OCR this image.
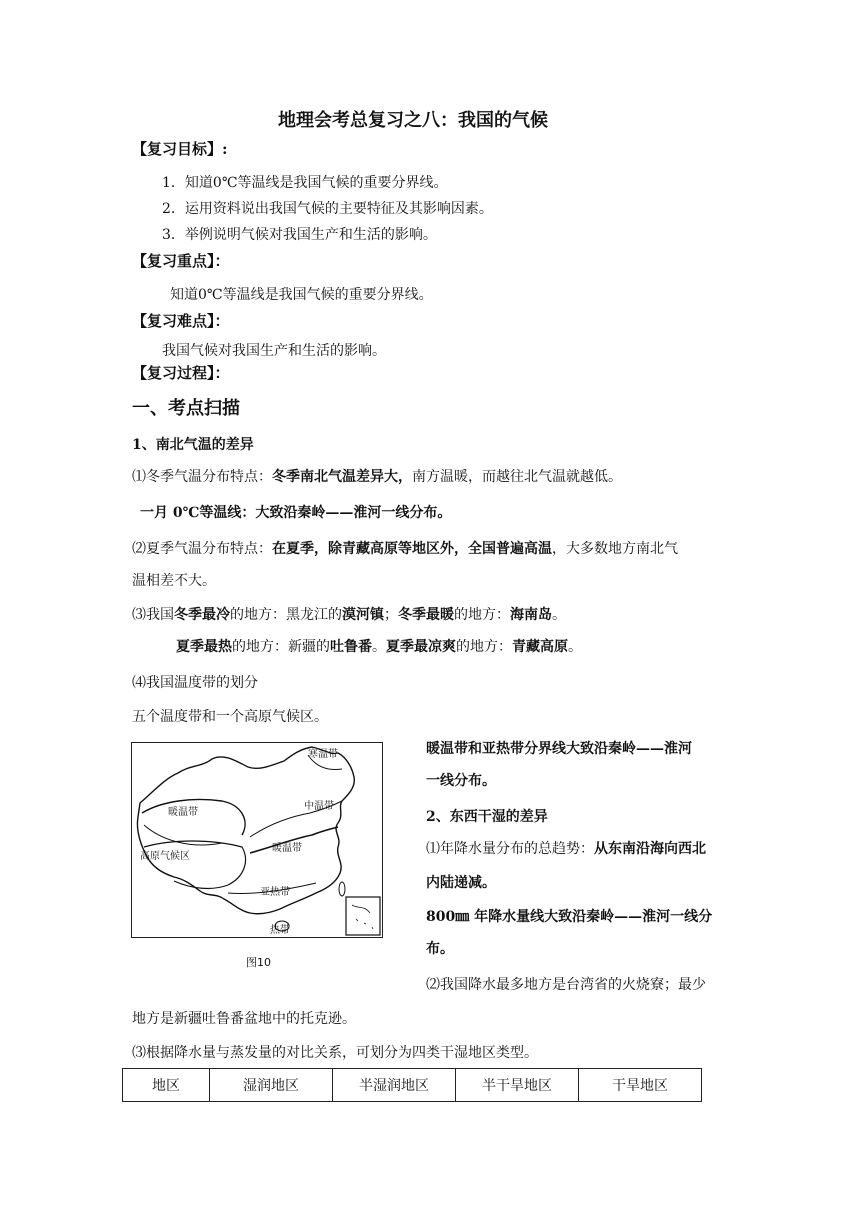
地理会考总复习之八：我国的气候
【复习目标】:
1．知道0℃等温线是我国气候的重要分界线。
2．运用资料说出我国气候的主要特征及其影响因素。
3．举例说明气候对我国生产和生活的影响。
【复习重点】：
知道0℃等温线是我国气候的重要分界线。
【复习难点】：
我国气候对我国生产和生活的影响。
【复习过程】：
一、考点扫描
1、南北气温的差异
⑴冬季气温分布特点：冬季南北气温差异大，南方温暖，而越往北气温就越低。
一月 0℃等温线：大致沿秦岭——淮河一线分布。
⑵夏季气温分布特点：在夏季，除青藏高原等地区外，全国普遍高温，大多数地方南北气
温相差不大。
⑶我国冬季最冷的地方：黑龙江的漠河镇；冬季最暖的地方：海南岛。
夏季最热的地方：新疆的吐鲁番。夏季最凉爽的地方：青藏高原。
⑷我国温度带的划分
五个温度带和一个高原气候区。
寒温带
中温带
暖温带
暖温带
高原气候区
亚热带
热带
图10
暖温带和亚热带分界线大致沿秦岭——淮河
一线分布。
2、东西干湿的差异
⑴年降水量分布的总趋势：从东南沿海向西北
内陆递减。
800㎜ 年降水量线大致沿秦岭——淮河一线分
布。
⑵我国降水最多地方是台湾省的火烧寮；最少
地方是新疆吐鲁番盆地中的托克逊。
⑶根据降水量与蒸发量的对比关系，可划分为四类干湿地区类型。
地区	湿润地区	半湿润地区	半干旱地区	干旱地区
